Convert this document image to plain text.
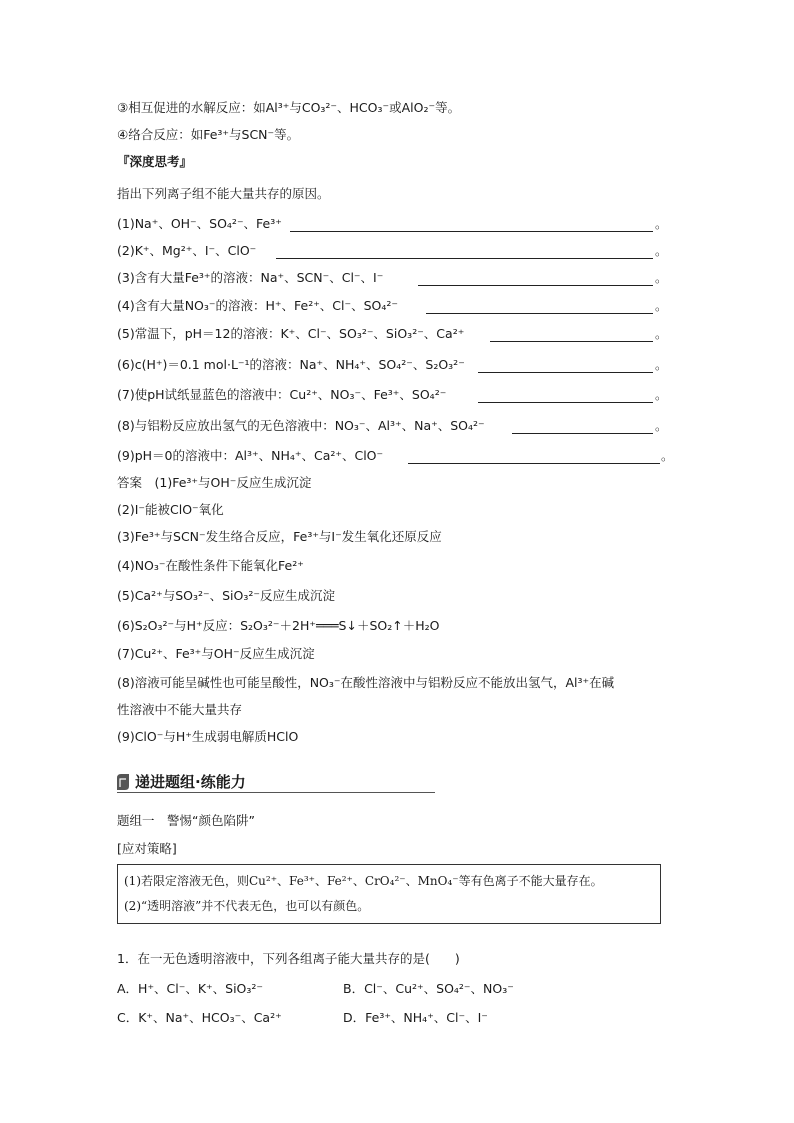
③相互促进的水解反应：如Al³⁺与CO₃²⁻、HCO₃⁻或AlO₂⁻等。
④络合反应：如Fe³⁺与SCN⁻等。
『深度思考』
指出下列离子组不能大量共存的原因。
(1)Na⁺、OH⁻、SO₄²⁻、Fe³⁺	。
(2)K⁺、Mg²⁺、I⁻、ClO⁻	。
(3)含有大量Fe³⁺的溶液：Na⁺、SCN⁻、Cl⁻、I⁻	。
(4)含有大量NO₃⁻的溶液：H⁺、Fe²⁺、Cl⁻、SO₄²⁻	。
(5)常温下，pH＝12的溶液：K⁺、Cl⁻、SO₃²⁻、SiO₃²⁻、Ca²⁺	。
(6)c(H⁺)＝0.1 mol·L⁻¹的溶液：Na⁺、NH₄⁺、SO₄²⁻、S₂O₃²⁻	。
(7)使pH试纸显蓝色的溶液中：Cu²⁺、NO₃⁻、Fe³⁺、SO₄²⁻	。
(8)与铝粉反应放出氢气的无色溶液中：NO₃⁻、Al³⁺、Na⁺、SO₄²⁻	。
(9)pH＝0的溶液中：Al³⁺、NH₄⁺、Ca²⁺、ClO⁻	。
答案　(1)Fe³⁺与OH⁻反应生成沉淀
(2)I⁻能被ClO⁻氧化
(3)Fe³⁺与SCN⁻发生络合反应，Fe³⁺与I⁻发生氧化还原反应
(4)NO₃⁻在酸性条件下能氧化Fe²⁺
(5)Ca²⁺与SO₃²⁻、SiO₃²⁻反应生成沉淀
(6)S₂O₃²⁻与H⁺反应：S₂O₃²⁻＋2H⁺═══S↓＋SO₂↑＋H₂O
(7)Cu²⁺、Fe³⁺与OH⁻反应生成沉淀
(8)溶液可能呈碱性也可能呈酸性，NO₃⁻在酸性溶液中与铝粉反应不能放出氢气，Al³⁺在碱
性溶液中不能大量共存
(9)ClO⁻与H⁺生成弱电解质HClO
递进题组·练能力
题组一　警惕“颜色陷阱”
[应对策略]
(1)若限定溶液无色，则Cu²⁺、Fe³⁺、Fe²⁺、CrO₄²⁻、MnO₄⁻等有色离子不能大量存在。
(2)“透明溶液”并不代表无色，也可以有颜色。
1．在一无色透明溶液中，下列各组离子能大量共存的是(　　)
A．H⁺、Cl⁻、K⁺、SiO₃²⁻	B．Cl⁻、Cu²⁺、SO₄²⁻、NO₃⁻
C．K⁺、Na⁺、HCO₃⁻、Ca²⁺	D．Fe³⁺、NH₄⁺、Cl⁻、I⁻
